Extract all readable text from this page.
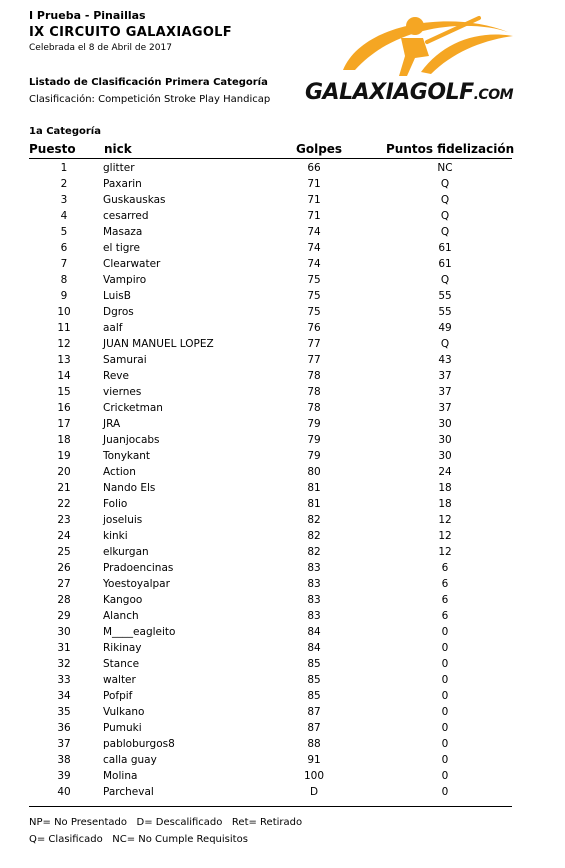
I Prueba - Pinaillas
IX CIRCUITO GALAXIAGOLF
Celebrada el 8 de Abril de 2017
Listado de Clasificación Primera Categoría
Clasificación: Competición Stroke Play Handicap GALAXIAGOLF.COM
1a Categoría
Puesto nick	Golpes	Puntos fidelización
1	glitter	66	NC
2	Paxarin	71	Q
3	Guskauskas	71	Q
4	cesarred	71	Q
5	Masaza	74	Q
6	el tigre	74	61
7	Clearwater	74	61
8	Vampiro	75	Q
9	LuisB	75	55
10	Dgros	75	55
11	aalf	76	49
12	JUAN MANUEL LOPEZ	77	Q
13	Samurai	77	43
14	Reve	78	37
15	viernes	78	37
16	Cricketman	78	37
17	JRA	79	30
18	Juanjocabs	79	30
19	Tonykant	79	30
20	Action	80	24
21	Nando Els	81	18
22	Folio	81	18
23	joseluis	82	12
24	kinki	82	12
25	elkurgan	82	12
26	Pradoencinas	83	6
27	Yoestoyalpar	83	6
28	Kangoo	83	6
29	Alanch	83	6
30	M____eagleito	84	0
31	Rikinay	84	0
32	Stance	85	0
33	walter	85	0
34	Pofpif	85	0
35	Vulkano	87	0
36	Pumuki	87	0
37	pabloburgos8	88	0
38	calla guay	91	0
39	Molina	100	0
40	Parcheval	D	0
NP= No Presentado   D= Descalificado   Ret= Retirado
Q= Clasificado   NC= No Cumple Requisitos
